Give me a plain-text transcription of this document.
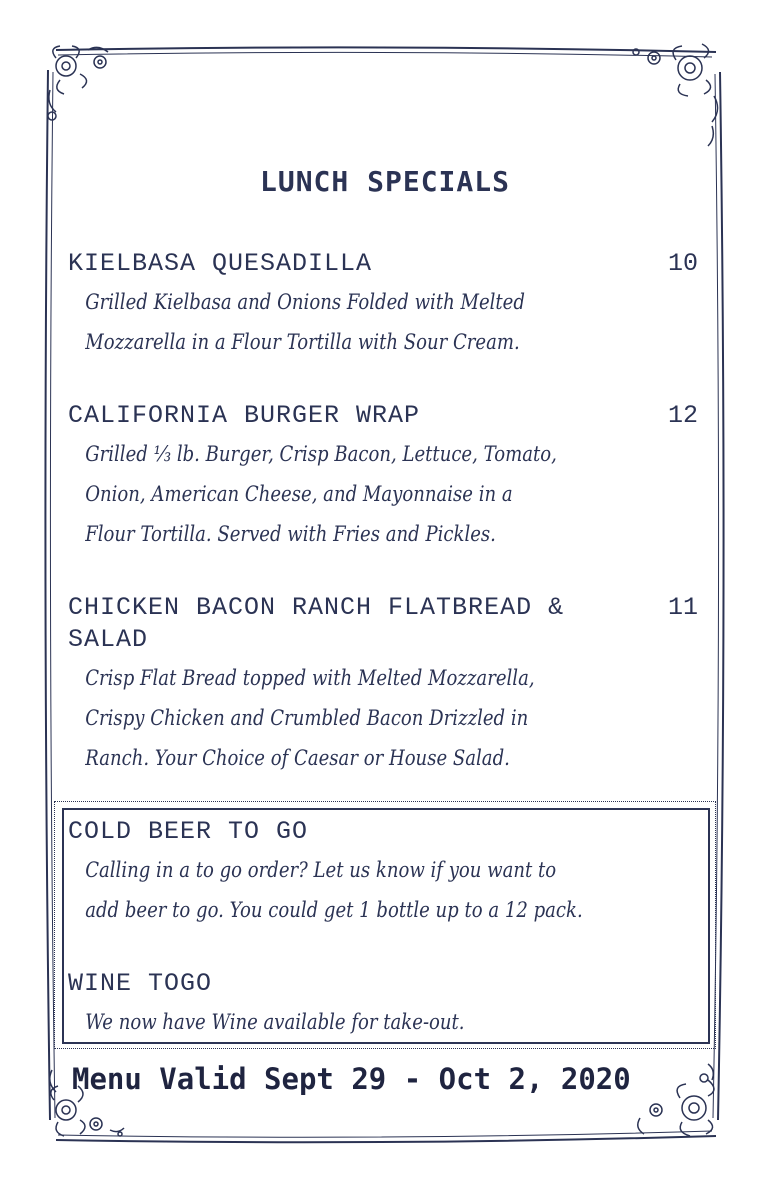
LUNCH SPECIALS
KIELBASA QUESADILLA	10
Grilled Kielbasa and Onions Folded with Melted
Mozzarella in a Flour Tortilla with Sour Cream.
CALIFORNIA BURGER WRAP	12
Grilled ⅓ lb. Burger, Crisp Bacon, Lettuce, Tomato,
Onion, American Cheese, and Mayonnaise in a
Flour Tortilla. Served with Fries and Pickles.
CHICKEN BACON RANCH FLATBREAD & SALAD
11
Crisp Flat Bread topped with Melted Mozzarella,
Crispy Chicken and Crumbled Bacon Drizzled in
Ranch. Your Choice of Caesar or House Salad.
COLD BEER TO GO
Calling in a to go order? Let us know if you want to
add beer to go. You could get 1 bottle up to a 12 pack.
WINE TOGO
We now have Wine available for take-out.
Menu Valid Sept 29 - Oct 2, 2020
